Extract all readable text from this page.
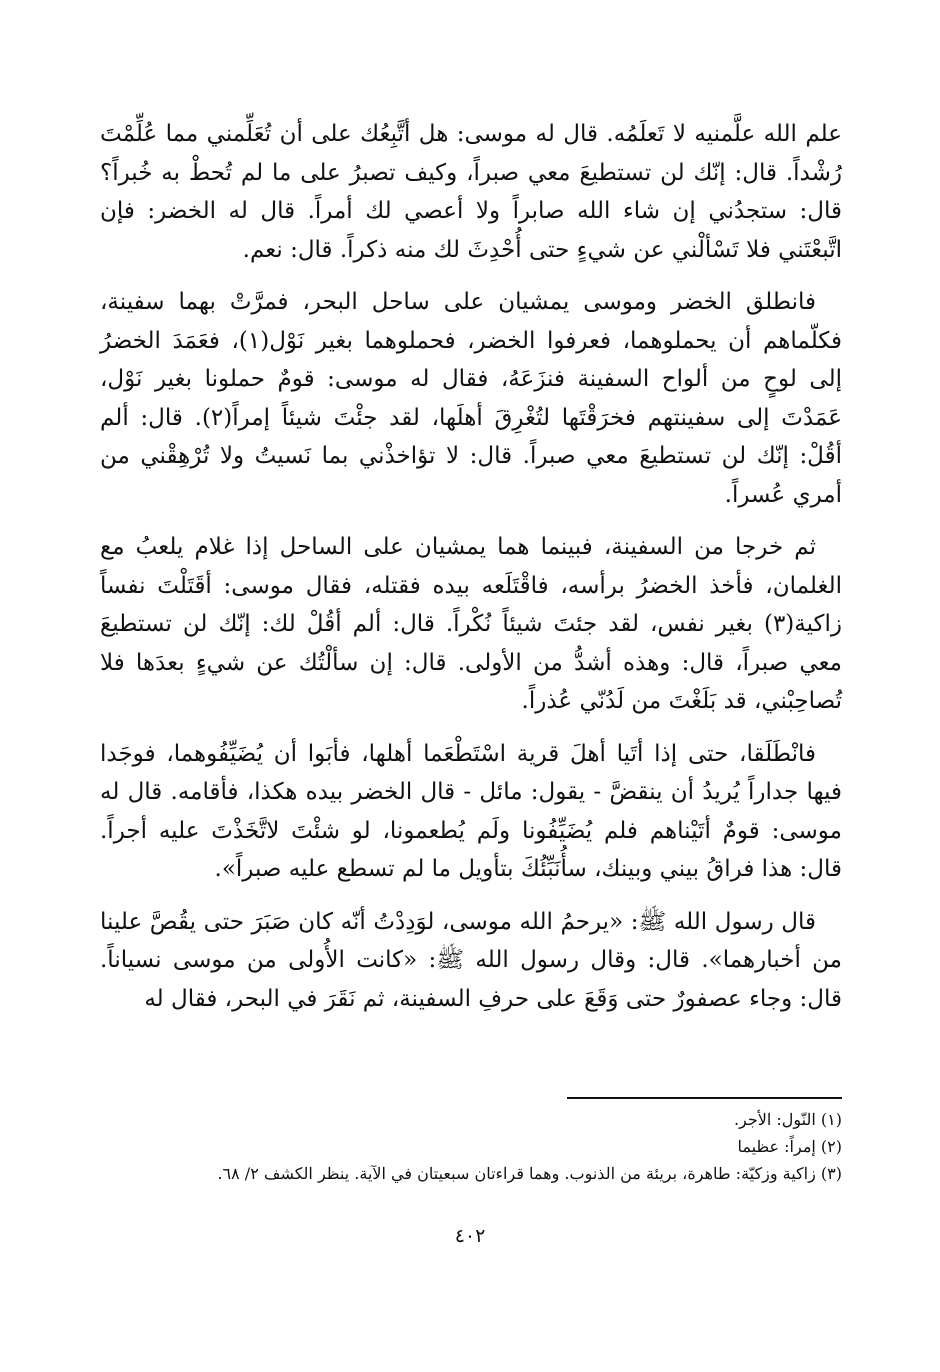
علم الله علَّمنيه لا تَعلَمُه. قال له موسى: هل أتَّبِعُك على أن تُعَلِّمني مما عُلِّمْتَ رُشْداً. قال: إنّك لن تستطيعَ معي صبراً، وكيف تصبرُ على ما لم تُحطْ به خُبراً؟ قال: ستجدُني إن شاء الله صابراً ولا أعصي لك أمراً. قال له الخضر: فإن اتَّبعْتَني فلا تَسْألْني عن شيءٍ حتى أُحْدِثَ لك منه ذكراً. قال: نعم.

فانطلق الخضر وموسى يمشيان على ساحل البحر، فمرَّتْ بهما سفينة، فكلّماهم أن يحملوهما، فعرفوا الخضر، فحملوهما بغير نَوْل(١)، فعَمَدَ الخضرُ إلى لوحٍ من ألواح السفينة فنزَعَهُ، فقال له موسى: قومٌ حملونا بغير نَوْل، عَمَدْتَ إلى سفينتهم فخرَقْتَها لتُغْرِقَ أهلَها، لقد جئْتَ شيئاً إمراً(٢). قال: ألم أقُلْ: إنّك لن تستطيعَ معي صبراً. قال: لا تؤاخذْني بما نَسيتُ ولا تُرْهِقْني من أمري عُسراً.

ثم خرجا من السفينة، فبينما هما يمشيان على الساحل إذا غلام يلعبُ مع الغلمان، فأخذ الخضرُ برأسه، فاقْتَلَعه بيده فقتله، فقال موسى: أقَتَلْتَ نفساً زاكية(٣) بغير نفس، لقد جئتَ شيئاً نُكْراً. قال: ألم أقُلْ لك: إنّك لن تستطيعَ معي صبراً، قال: وهذه أشدُّ من الأولى. قال: إن سألْتُك عن شيءٍ بعدَها فلا تُصاحِبْني، قد بَلَغْتَ من لَدُنّي عُذراً.

فانْطَلَقا، حتى إذا أتَيا أهلَ قرية اسْتَطْعَما أهلها، فأبَوا أن يُضَيِّفُوهما، فوجَدا فيها جداراً يُريدُ أن ينقضَّ - يقول: مائل - قال الخضر بيده هكذا، فأقامه. قال له موسى: قومٌ أتَيْناهم فلم يُضَيِّفُونا ولَم يُطعمونا، لو شئْتَ لاتَّخَذْتَ عليه أجراً. قال: هذا فراقُ بيني وبينك، سأُنَبِّئُكَ بتأويل ما لم تسطع عليه صبراً».

قال رسول الله ﷺ: «يرحمُ الله موسى، لوَدِدْتُ أنّه كان صَبَرَ حتى يقُصَّ علينا من أخبارهما». قال: وقال رسول الله ﷺ: «كانت الأُولى من موسى نسياناً. قال: وجاء عصفورٌ حتى وَقَعَ على حرفِ السفينة، ثم نَقَرَ في البحر، فقال له

(١) النّول: الأجر.

(٢) إمراً: عظيما

(٣) زاكية وزكيّة: طاهرة، بريئة من الذنوب. وهما قراءتان سبعيتان في الآية. ينظر الكشف ٢/ ٦٨.

٤٠٢
